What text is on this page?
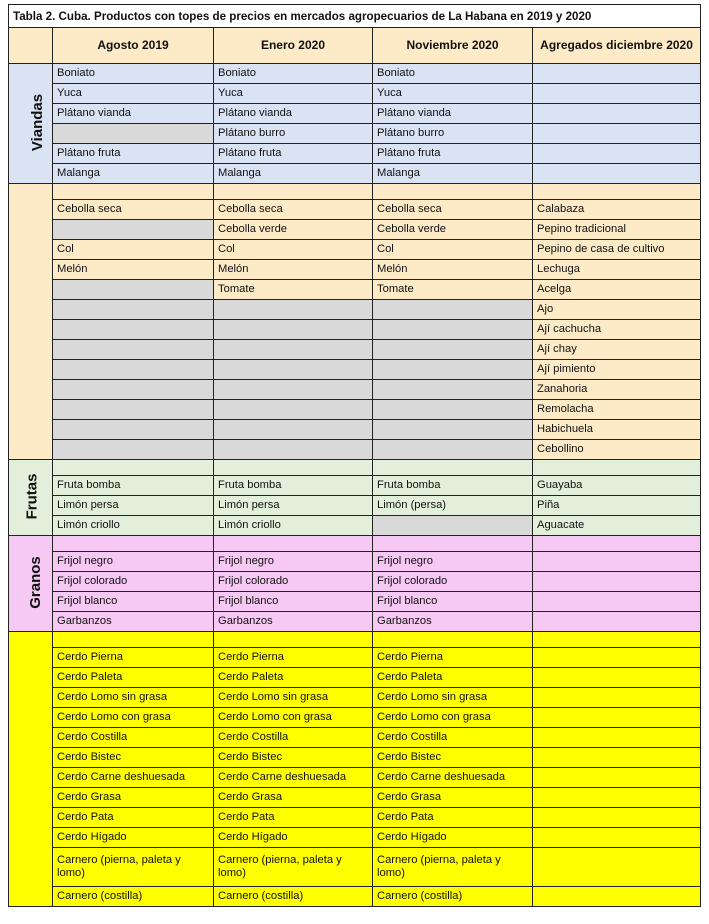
Tabla 2. Cuba. Productos con topes de precios en mercados agropecuarios de La Habana en 2019 y 2020				
	Agosto 2019	Enero 2020	Noviembre 2020	Agregados diciembre 2020
Viandas	Boniato	Boniato	Boniato	
	Yuca	Yuca	Yuca	
	Plátano vianda	Plátano vianda	Plátano vianda	
		Plátano burro	Plátano burro	
	Plátano fruta	Plátano fruta	Plátano fruta	
	Malanga	Malanga	Malanga	

	Cebolla seca	Cebolla seca	Cebolla seca	Calabaza
		Cebolla verde	Cebolla verde	Pepino tradicional
	Col	Col	Col	Pepino de casa de cultivo
	Melón	Melón	Melón	Lechuga
		Tomate	Tomate	Acelga
				Ajo
				Ají cachucha
				Ají chay
				Ají pimiento
				Zanahoria
				Remolacha
				Habichuela
				Cebollino
Frutas				
	Fruta bomba	Fruta bomba	Fruta bomba	Guayaba
	Limón persa	Limón persa	Limón (persa)	Piña
	Limón criollo	Limón criollo		Aguacate
Granos				
	Frijol negro	Frijol negro	Frijol negro	
	Frijol colorado	Frijol colorado	Frijol colorado	
	Frijol blanco	Frijol blanco	Frijol blanco	
	Garbanzos	Garbanzos	Garbanzos	

	Cerdo Pierna	Cerdo Pierna	Cerdo Pierna	
	Cerdo Paleta	Cerdo Paleta	Cerdo Paleta	
	Cerdo Lomo sin grasa	Cerdo Lomo sin grasa	Cerdo Lomo sin grasa	
	Cerdo Lomo con grasa	Cerdo Lomo con grasa	Cerdo Lomo con grasa	
	Cerdo Costilla	Cerdo Costilla	Cerdo Costilla	
	Cerdo Bistec	Cerdo Bistec	Cerdo Bistec	
	Cerdo Carne deshuesada	Cerdo Carne deshuesada	Cerdo Carne deshuesada	
	Cerdo Grasa	Cerdo Grasa	Cerdo Grasa	
	Cerdo Pata	Cerdo Pata	Cerdo Pata	
	Cerdo Hígado	Cerdo Hígado	Cerdo Hígado	
	Carnero (pierna, paleta y lomo)	Carnero (pierna, paleta y lomo)	Carnero (pierna, paleta y lomo)	
	Carnero (costilla)	Carnero (costilla)	Carnero (costilla)	
